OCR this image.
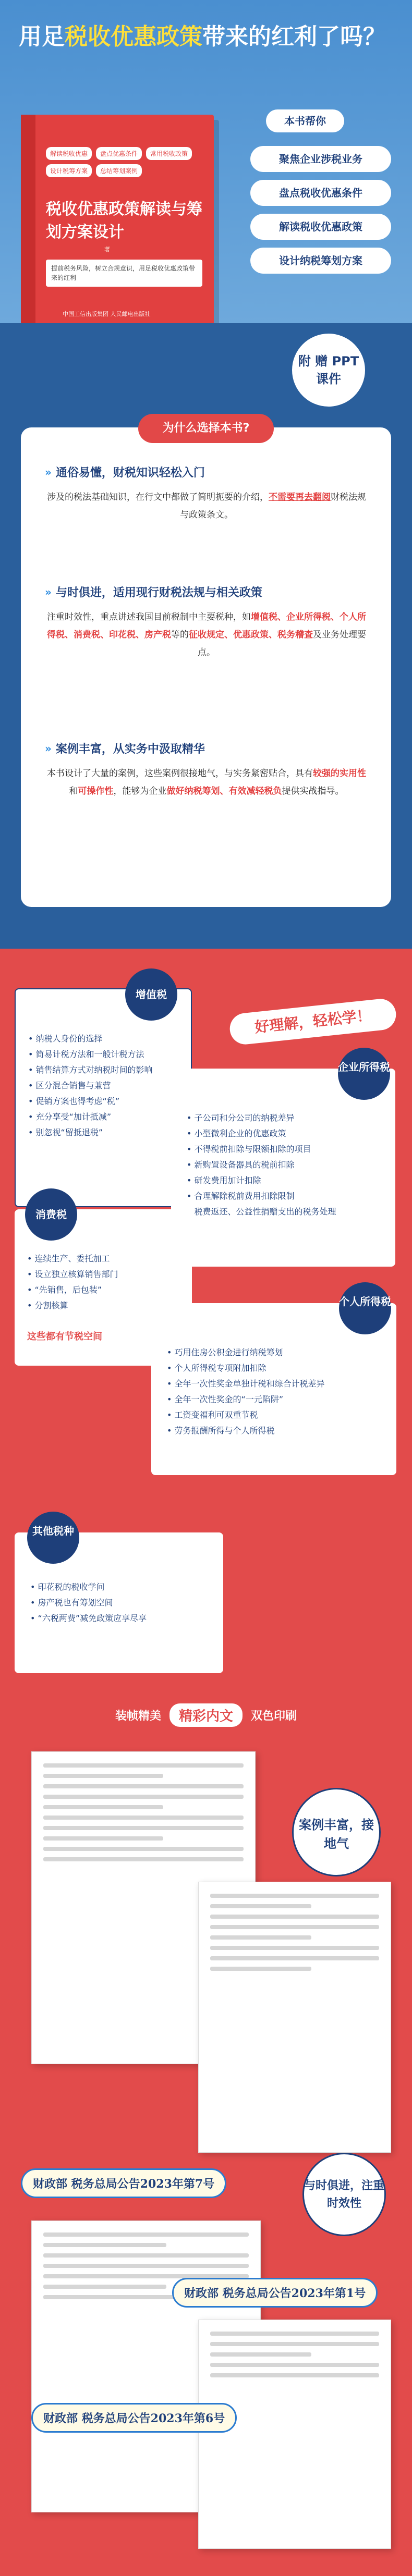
用足税收优惠政策带来的红利了吗？
解读税收优惠	盘点优惠条件	常用税收政策
设计税筹方案	总结筹划案例
税收优惠政策解读与筹划方案设计
著
提前税务风险，树立合规意识，用足税收优惠政策带来的红利
中国工信出版集团 人民邮电出版社
本书帮你
聚焦企业涉税业务
盘点税收优惠条件
解读税收优惠政策
设计纳税筹划方案
附 赠 PPT课件
为什么选择本书?
» 通俗易懂，财税知识轻松入门
涉及的税法基础知识，在行文中都做了简明扼要的介绍，不需要再去翻阅财税法规与政策条文。
» 与时俱进，适用现行财税法规与相关政策
注重时效性，重点讲述我国目前税制中主要税种，如增值税、企业所得税、个人所得税、消费税、印花税、房产税等的征收规定、优惠政策、税务稽查及业务处理要点。
» 案例丰富，从实务中汲取精华
本书设计了大量的案例，这些案例很接地气，与实务紧密贴合，具有较强的实用性和可操作性，能够为企业做好纳税筹划、有效减轻税负提供实战指导。
增值税
• 纳税人身份的选择
• 简易计税方法和一般计税方法
• 销售结算方式对纳税时间的影响
• 区分混合销售与兼营
• 促销方案也得考虑“税”
• 充分享受“加计抵减”
• 别忽视“留抵退税”
好理解，轻松学！
企业所得税
• 子公司和分公司的纳税差异
• 小型微利企业的优惠政策
• 不得税前扣除与限额扣除的项目
• 新购置设备器具的税前扣除
• 研发费用加计扣除
• 合理解除税前费用扣除限制
• 税费返还、公益性捐赠支出的税务处理
消费税
• 连续生产、委托加工
• 设立独立核算销售部门
• “先销售，后包装”
• 分割核算
这些都有节税空间
个人所得税
• 巧用住房公积金进行纳税筹划
• 个人所得税专项附加扣除
• 全年一次性奖金单独计税和综合计税差异
• 全年一次性奖金的“一元陷阱”
• 工资变福利可双重节税
• 劳务报酬所得与个人所得税
其他税种
• 印花税的税收学问
• 房产税也有筹划空间
• “六税两费”减免政策应享尽享
装帧精美	精彩内文	双色印刷
案例丰富，接地气
财政部 税务总局公告2023年第7号	与时俱进，注重时效性
财政部 税务总局公告2023年第1号
财政部 税务总局公告2023年第6号
